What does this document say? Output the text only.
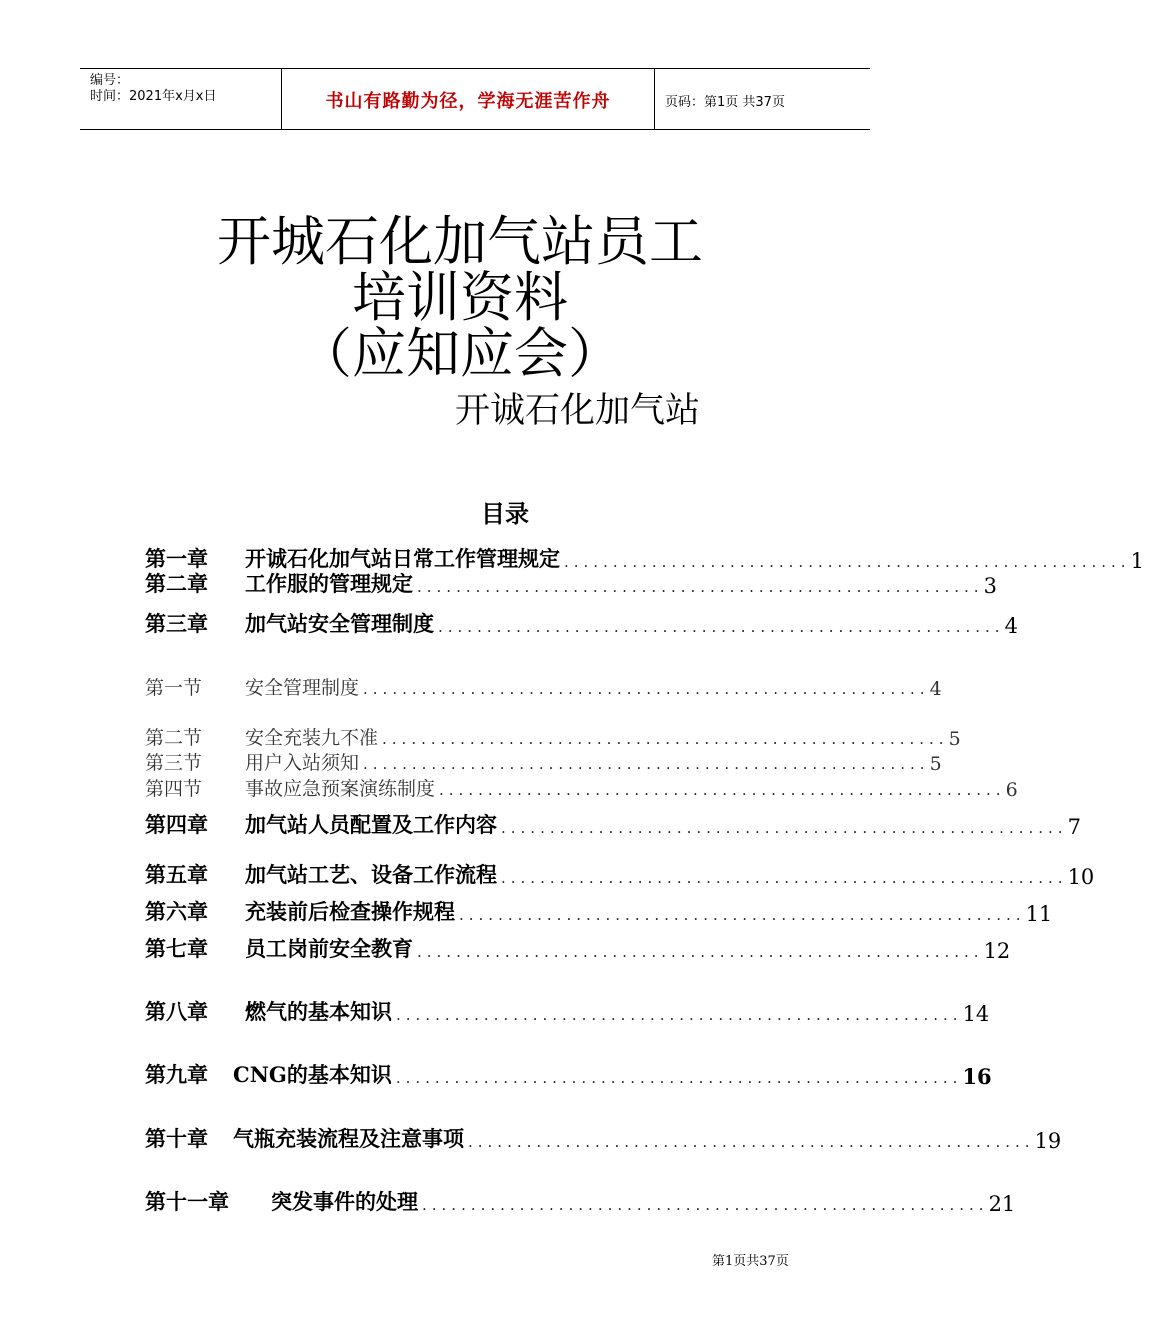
编号：
时间：2021年x月x日	书山有路勤为径，学海无涯苦作舟	页码：第1页 共37页
开城石化加气站员工
培训资料
（应知应会）
开诚石化加气站
目录
第一章	开诚石化加气站日常工作管理规定 .......................................................... 1
第二章	工作服的管理规定 .......................................................... 3
第三章	加气站安全管理制度 .......................................................... 4
第一节	安全管理制度 .......................................................... 4
第二节	安全充装九不准 .......................................................... 5
第三节	用户入站须知 .......................................................... 5
第四节	事故应急预案演练制度 .......................................................... 6
第四章	加气站人员配置及工作内容 .......................................................... 7
第五章	加气站工艺、设备工作流程 .......................................................... 10
第六章	充装前后检查操作规程 .......................................................... 11
第七章	员工岗前安全教育 .......................................................... 12
第八章	燃气的基本知识 .......................................................... 14
第九章	CNG的基本知识 .......................................................... 16
第十章	气瓶充装流程及注意事项 .......................................................... 19
第十一章	突发事件的处理 .......................................................... 21
第1页共37页
